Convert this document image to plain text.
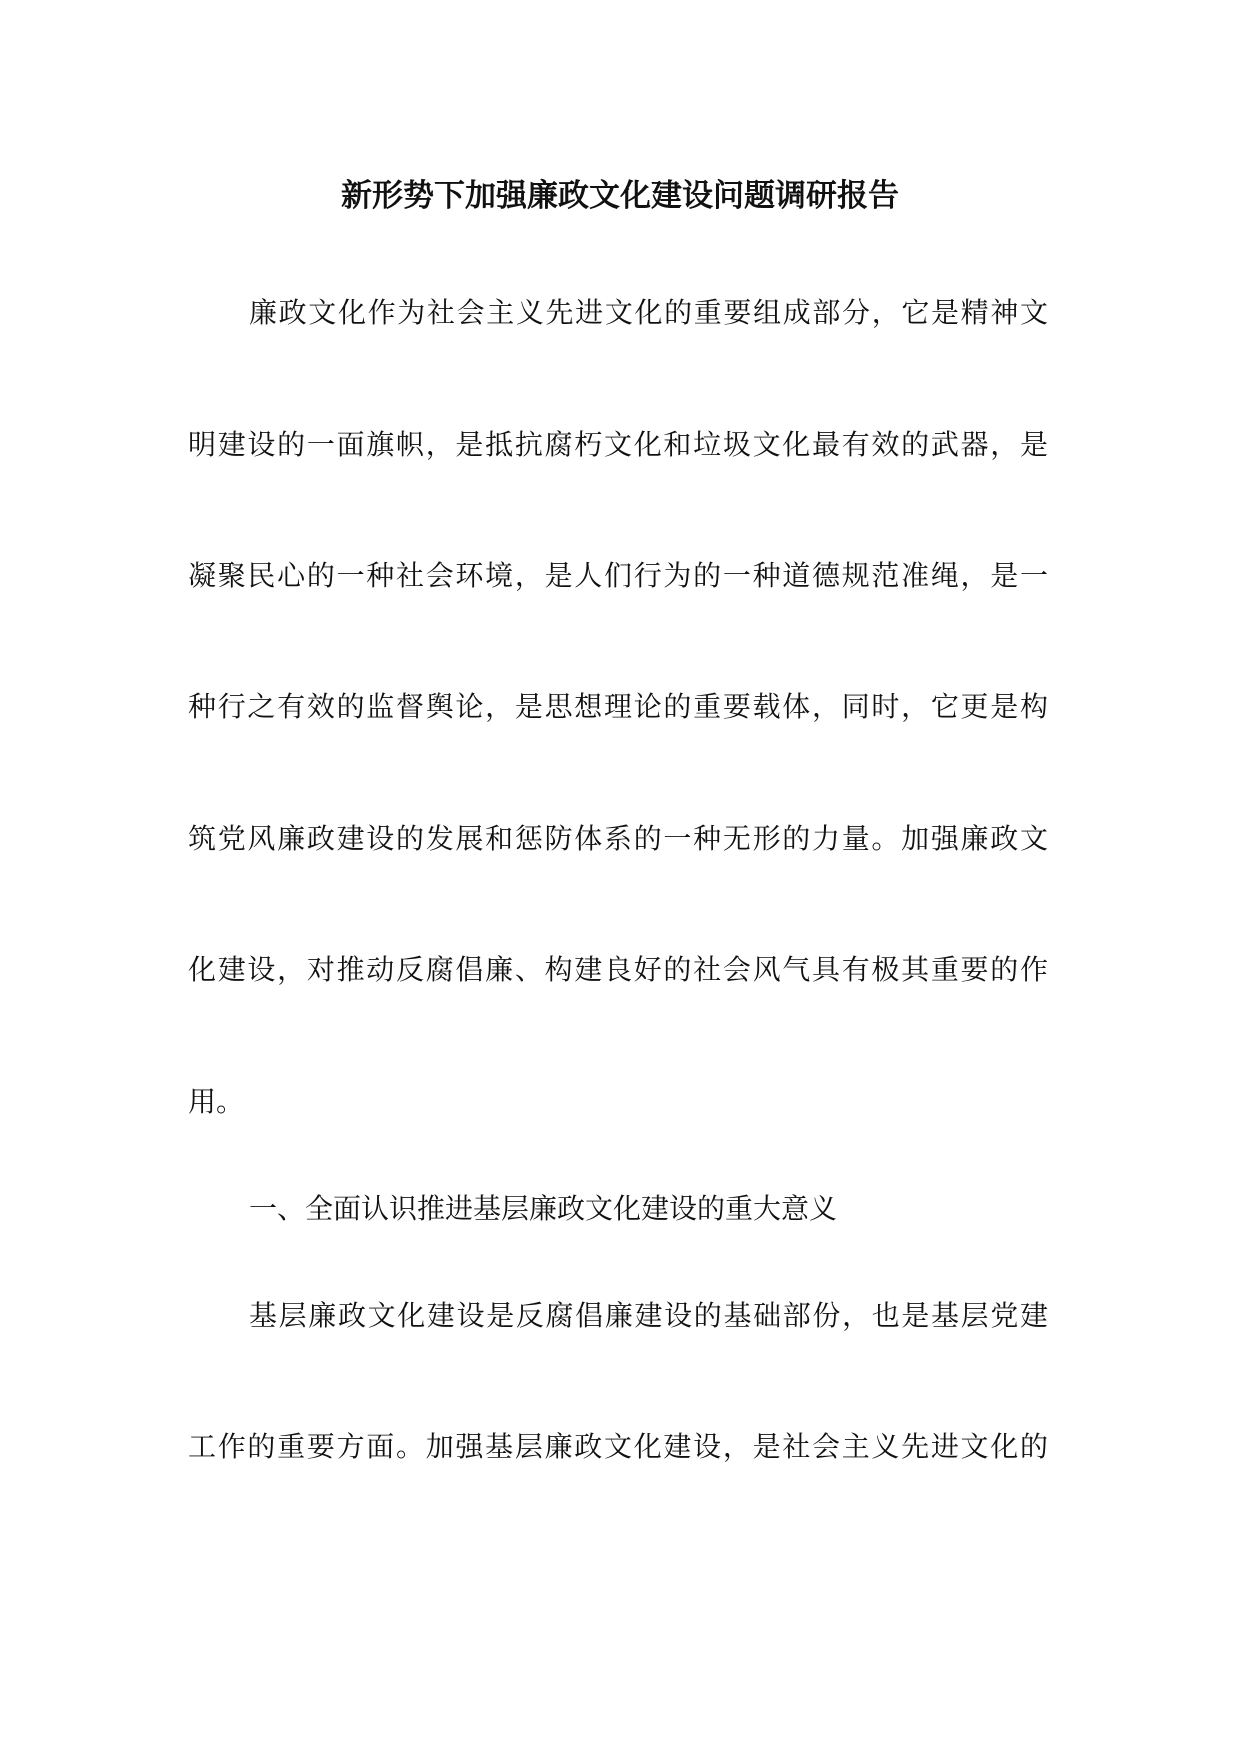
新形势下加强廉政文化建设问题调研报告

廉政文化作为社会主义先进文化的重要组成部分，它是精神文

明建设的一面旗帜，是抵抗腐朽文化和垃圾文化最有效的武器，是

凝聚民心的一种社会环境，是人们行为的一种道德规范准绳，是一

种行之有效的监督舆论，是思想理论的重要载体，同时，它更是构

筑党风廉政建设的发展和惩防体系的一种无形的力量。加强廉政文

化建设，对推动反腐倡廉、构建良好的社会风气具有极其重要的作

用。

一、全面认识推进基层廉政文化建设的重大意义

基层廉政文化建设是反腐倡廉建设的基础部份，也是基层党建

工作的重要方面。加强基层廉政文化建设，是社会主义先进文化的
